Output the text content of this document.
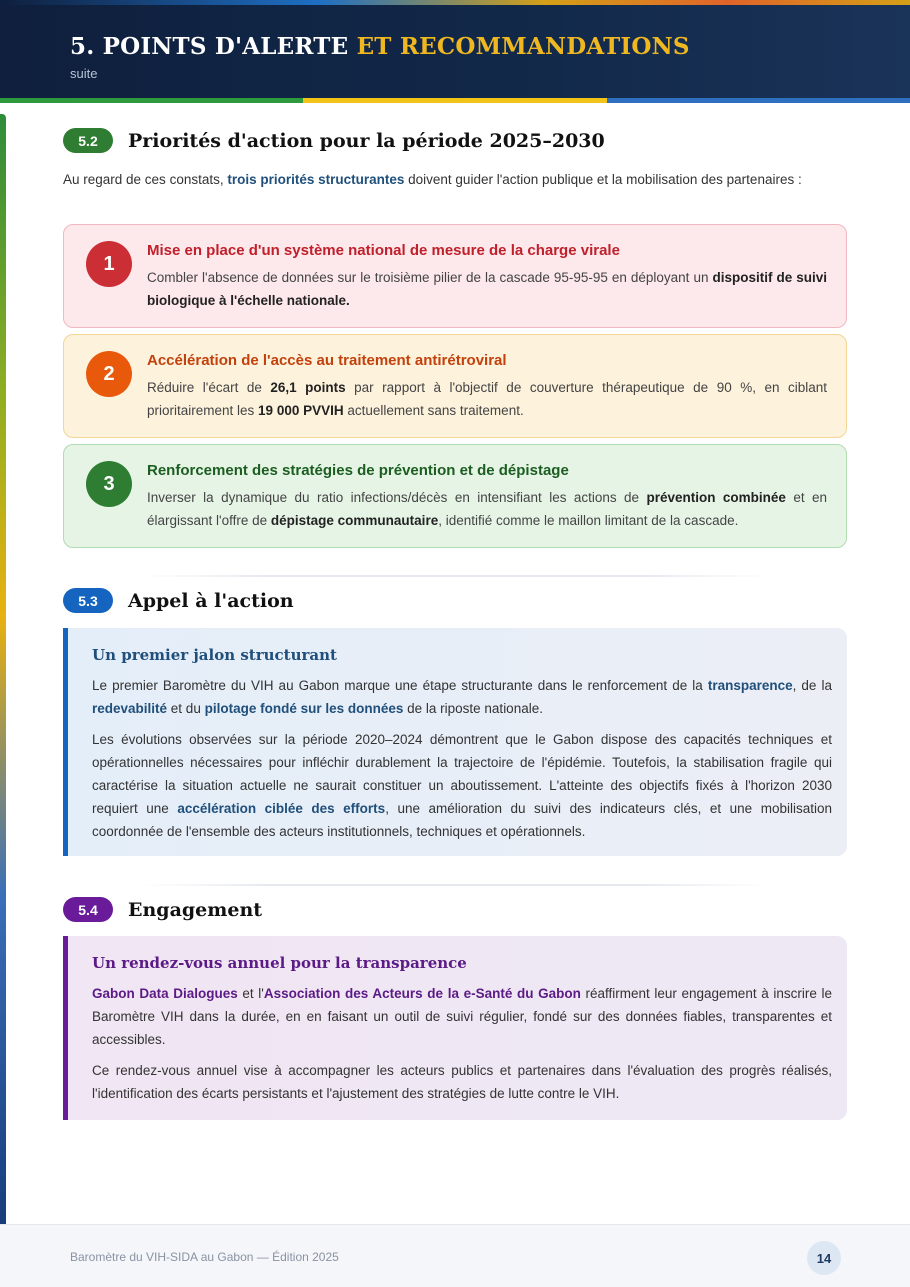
5. POINTS D'ALERTE ET RECOMMANDATIONS
suite
5.2	Priorités d'action pour la période 2025–2030
Au regard de ces constats, trois priorités structurantes doivent guider l'action publique et la mobilisation des partenaires :
1
Mise en place d'un système national de mesure de la charge virale
Combler l'absence de données sur le troisième pilier de la cascade 95-95-95 en déployant un dispositif de suivi biologique à l'échelle nationale.
2
Accélération de l'accès au traitement antirétroviral
Réduire l'écart de 26,1 points par rapport à l'objectif de couverture thérapeutique de 90 %, en ciblant prioritairement les 19 000 PVVIH actuellement sans traitement.
3
Renforcement des stratégies de prévention et de dépistage
Inverser la dynamique du ratio infections/décès en intensifiant les actions de prévention combinée et en élargissant l'offre de dépistage communautaire, identifié comme le maillon limitant de la cascade.
5.3	Appel à l'action
Un premier jalon structurant
Le premier Baromètre du VIH au Gabon marque une étape structurante dans le renforcement de la transparence, de la redevabilité et du pilotage fondé sur les données de la riposte nationale.
Les évolutions observées sur la période 2020–2024 démontrent que le Gabon dispose des capacités techniques et opérationnelles nécessaires pour infléchir durablement la trajectoire de l'épidémie. Toutefois, la stabilisation fragile qui caractérise la situation actuelle ne saurait constituer un aboutissement. L'atteinte des objectifs fixés à l'horizon 2030 requiert une accélération ciblée des efforts, une amélioration du suivi des indicateurs clés, et une mobilisation coordonnée de l'ensemble des acteurs institutionnels, techniques et opérationnels.
5.4	Engagement
Un rendez-vous annuel pour la transparence
Gabon Data Dialogues et l'Association des Acteurs de la e-Santé du Gabon réaffirment leur engagement à inscrire le Baromètre VIH dans la durée, en en faisant un outil de suivi régulier, fondé sur des données fiables, transparentes et accessibles.
Ce rendez-vous annuel vise à accompagner les acteurs publics et partenaires dans l'évaluation des progrès réalisés, l'identification des écarts persistants et l'ajustement des stratégies de lutte contre le VIH.
Baromètre du VIH-SIDA au Gabon — Édition 2025	14
